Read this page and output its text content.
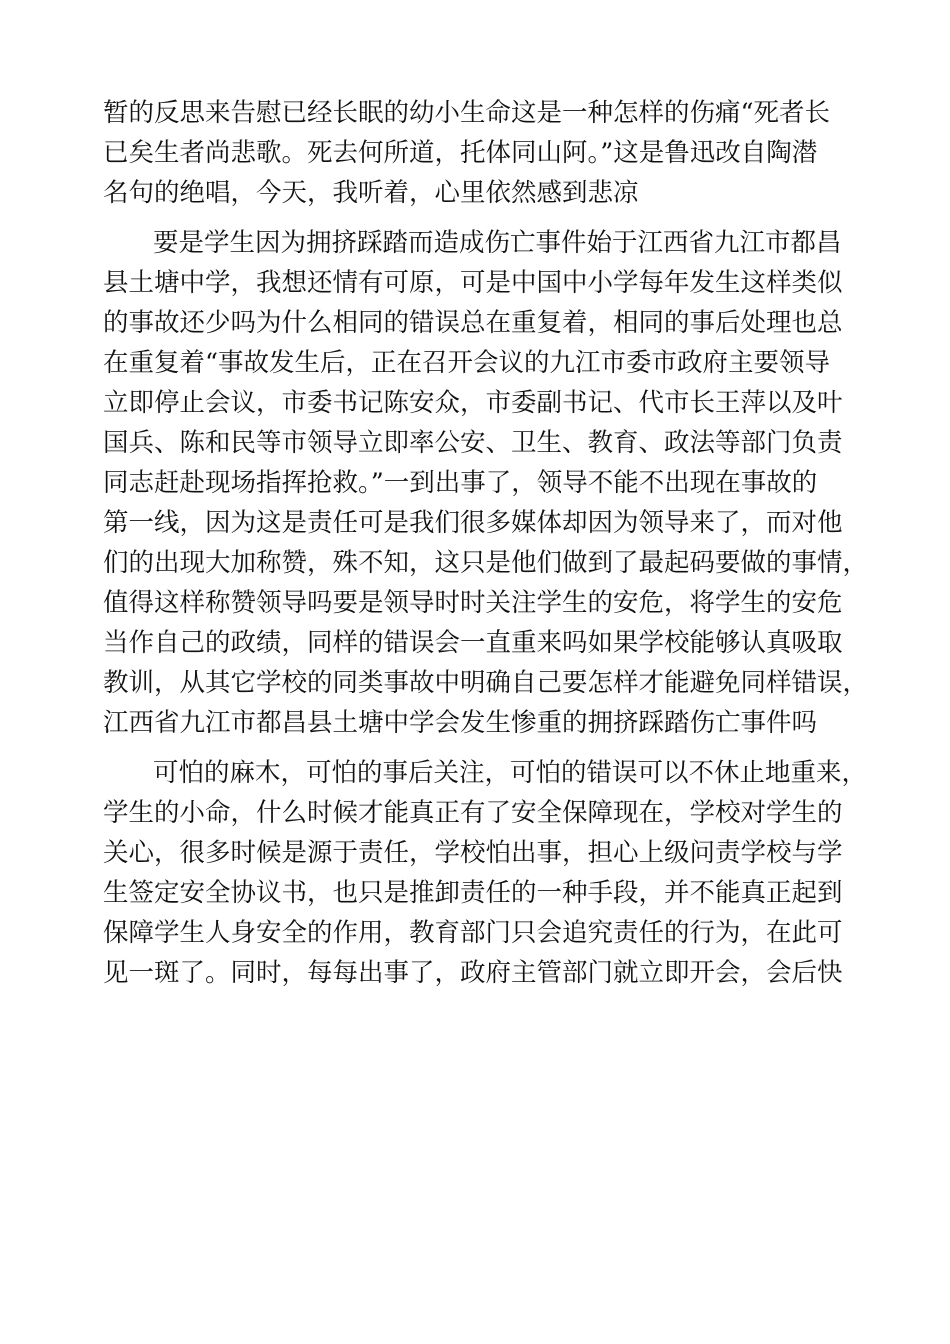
暂的反思来告慰已经长眠的幼小生命这是一种怎样的伤痛“死者长
已矣生者尚悲歌。死去何所道，托体同山阿。”这是鲁迅改自陶潜
名句的绝唱，今天，我听着，心里依然感到悲凉
要是学生因为拥挤踩踏而造成伤亡事件始于江西省九江市都昌
县土塘中学，我想还情有可原，可是中国中小学每年发生这样类似
的事故还少吗为什么相同的错误总在重复着，相同的事后处理也总
在重复着“事故发生后，正在召开会议的九江市委市政府主要领导
立即停止会议，市委书记陈安众，市委副书记、代市长王萍以及叶
国兵、陈和民等市领导立即率公安、卫生、教育、政法等部门负责
同志赶赴现场指挥抢救。”一到出事了，领导不能不出现在事故的
第一线，因为这是责任可是我们很多媒体却因为领导来了，而对他
们的出现大加称赞，殊不知，这只是他们做到了最起码要做的事情，
值得这样称赞领导吗要是领导时时关注学生的安危，将学生的安危
当作自己的政绩，同样的错误会一直重来吗如果学校能够认真吸取
教训，从其它学校的同类事故中明确自己要怎样才能避免同样错误，
江西省九江市都昌县土塘中学会发生惨重的拥挤踩踏伤亡事件吗
可怕的麻木，可怕的事后关注，可怕的错误可以不休止地重来，
学生的小命，什么时候才能真正有了安全保障现在，学校对学生的
关心，很多时候是源于责任，学校怕出事，担心上级问责学校与学
生签定安全协议书，也只是推卸责任的一种手段，并不能真正起到
保障学生人身安全的作用，教育部门只会追究责任的行为，在此可
见一斑了。同时，每每出事了，政府主管部门就立即开会，会后快
